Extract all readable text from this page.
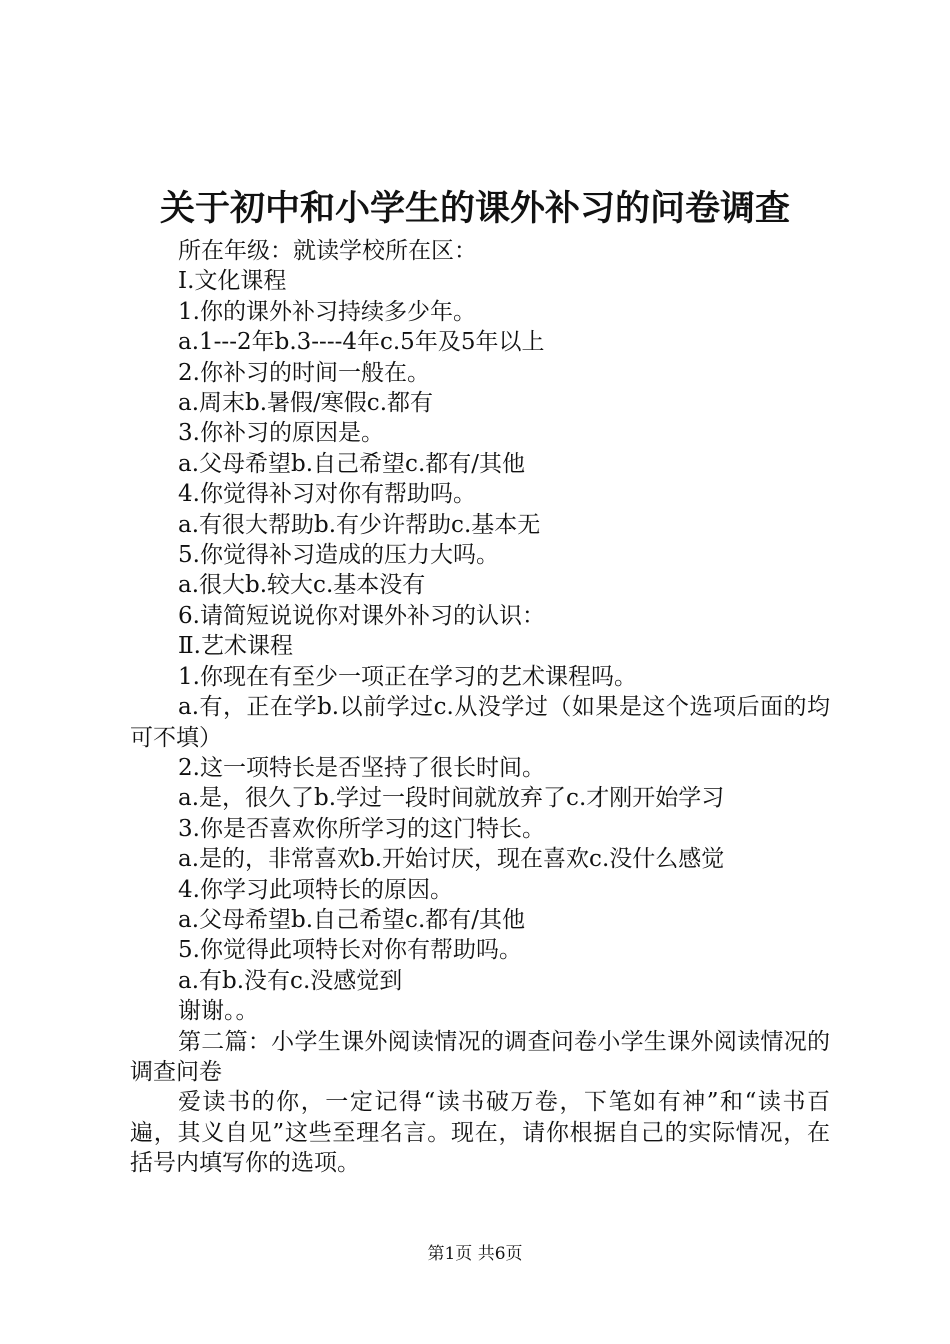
关于初中和小学生的课外补习的问卷调查

所在年级：就读学校所在区：

Ⅰ.文化课程

1.你的课外补习持续多少年。

a.1---2年b.3----4年c.5年及5年以上

2.你补习的时间一般在。

a.周末b.暑假/寒假c.都有

3.你补习的原因是。

a.父母希望b.自己希望c.都有/其他

4.你觉得补习对你有帮助吗。

a.有很大帮助b.有少许帮助c.基本无

5.你觉得补习造成的压力大吗。

a.很大b.较大c.基本没有

6.请简短说说你对课外补习的认识：

Ⅱ.艺术课程

1.你现在有至少一项正在学习的艺术课程吗。

a.有，正在学b.以前学过c.从没学过（如果是这个选项后面的均可不填）

2.这一项特长是否坚持了很长时间。

a.是，很久了b.学过一段时间就放弃了c.才刚开始学习

3.你是否喜欢你所学习的这门特长。

a.是的，非常喜欢b.开始讨厌，现在喜欢c.没什么感觉

4.你学习此项特长的原因。

a.父母希望b.自己希望c.都有/其他

5.你觉得此项特长对你有帮助吗。

a.有b.没有c.没感觉到

谢谢。。

第二篇：小学生课外阅读情况的调查问卷小学生课外阅读情况的调查问卷

爱读书的你，一定记得“读书破万卷，下笔如有神”和“读书百遍，其义自见”这些至理名言。现在，请你根据自己的实际情况，在括号内填写你的选项。

第1页 共6页
